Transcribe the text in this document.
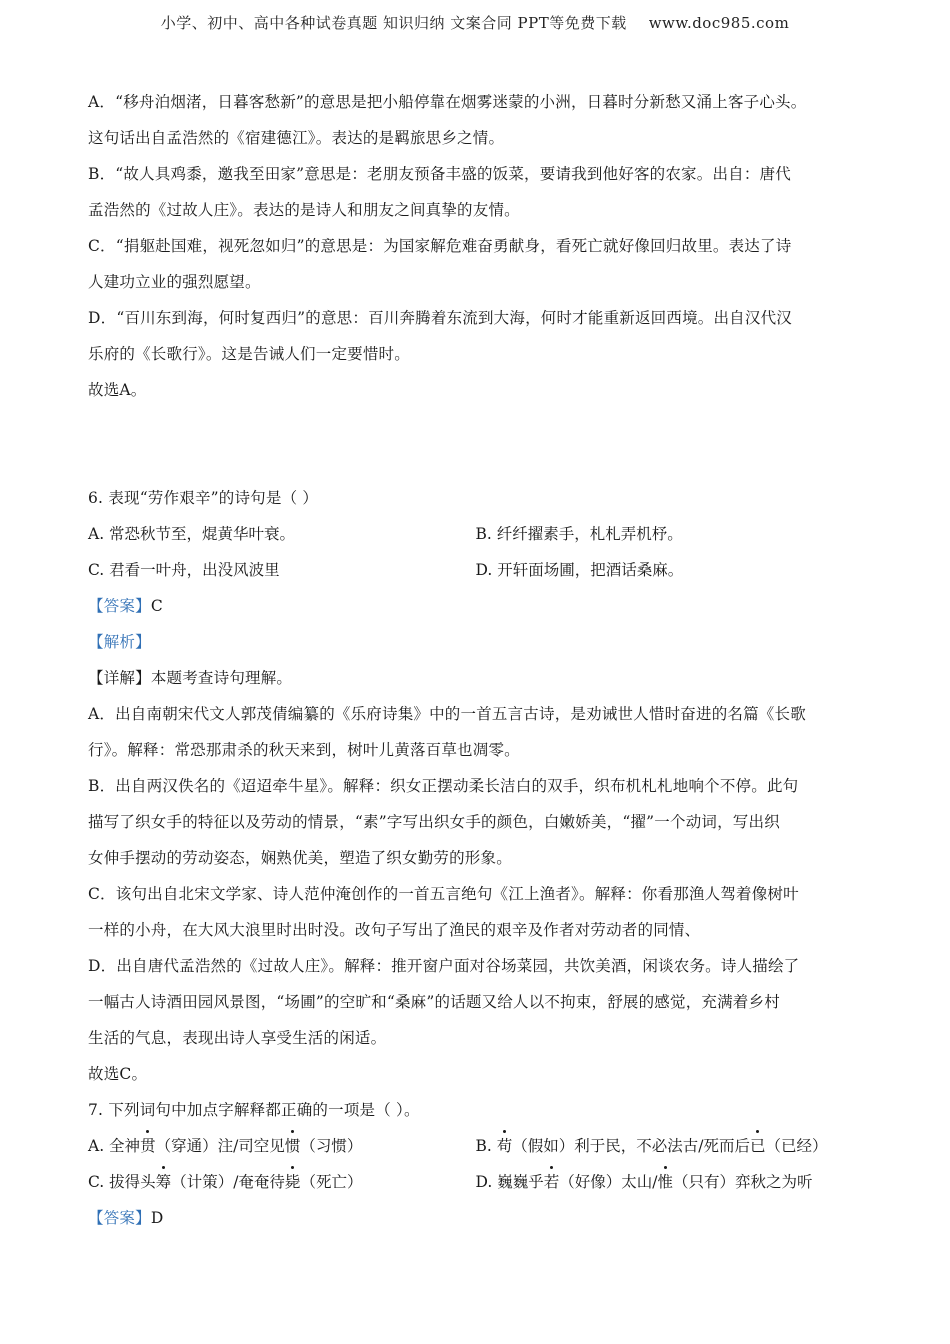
小学、初中、高中各种试卷真题 知识归纳 文案合同 PPT等免费下载 www.doc985.com
A．“移舟泊烟渚，日暮客愁新”的意思是把小船停靠在烟雾迷蒙的小洲，日暮时分新愁又涌上客子心头。
这句话出自孟浩然的《宿建德江》。表达的是羁旅思乡之情。
B．“故人具鸡黍，邀我至田家”意思是：老朋友预备丰盛的饭菜，要请我到他好客的农家。出自：唐代
孟浩然的《过故人庄》。表达的是诗人和朋友之间真挚的友情。
C．“捐躯赴国难，视死忽如归”的意思是：为国家解危难奋勇献身，看死亡就好像回归故里。表达了诗
人建功立业的强烈愿望。
D．“百川东到海，何时复西归”的意思：百川奔腾着东流到大海，何时才能重新返回西境。出自汉代汉
乐府的《长歌行》。这是告诫人们一定要惜时。
故选A。
6. 表现“劳作艰辛”的诗句是（ ）
A. 常恐秋节至，焜黄华叶衰。	B. 纤纤擢素手，札札弄机杼。
C. 君看一叶舟，出没风波里	D. 开轩面场圃，把酒话桑麻。
【答案】C
【解析】
【详解】本题考查诗句理解。
A．出自南朝宋代文人郭茂倩编纂的《乐府诗集》中的一首五言古诗，是劝诫世人惜时奋进的名篇《长歌
行》。解释：常恐那肃杀的秋天来到，树叶儿黄落百草也凋零。
B．出自两汉佚名的《迢迢牵牛星》。解释：织女正摆动柔长洁白的双手，织布机札札地响个不停。此句
描写了织女手的特征以及劳动的情景，“素”字写出织女手的颜色，白嫩娇美，“擢”一个动词，写出织
女伸手摆动的劳动姿态，娴熟优美，塑造了织女勤劳的形象。
C．该句出自北宋文学家、诗人范仲淹创作的一首五言绝句《江上渔者》。解释：你看那渔人驾着像树叶
一样的小舟，在大风大浪里时出时没。改句子写出了渔民的艰辛及作者对劳动者的同情、
D．出自唐代孟浩然的《过故人庄》。解释：推开窗户面对谷场菜园，共饮美酒，闲谈农务。诗人描绘了
一幅古人诗酒田园风景图，“场圃”的空旷和“桑麻”的话题又给人以不拘束，舒展的感觉，充满着乡村
生活的气息，表现出诗人享受生活的闲适。
故选C。
7. 下列词句中加点字解释都正确的一项是（ ）。
A. 全神贯（穿通）注/司空见惯（习惯）	B. 苟（假如）利于民，不必法古/死而后已（已经）
C. 拔得头筹（计策）/奄奄待毙（死亡）	D. 巍巍乎若（好像）太山/惟（只有）弈秋之为听
【答案】D
